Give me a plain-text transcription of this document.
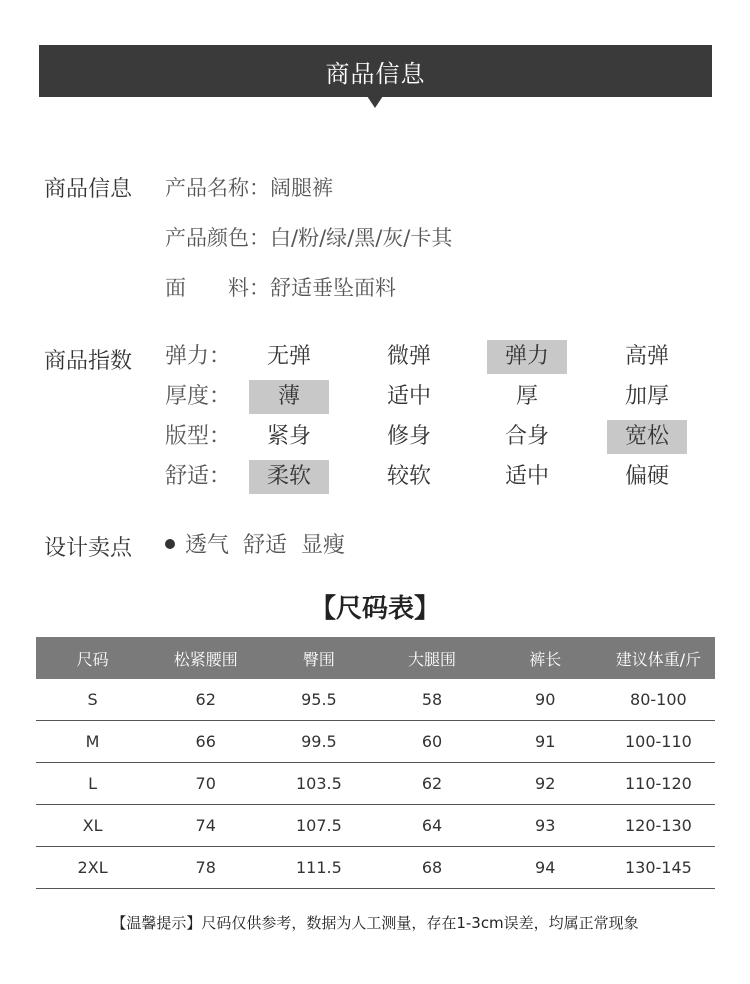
商品信息
商品信息 产品名称：阔腿裤
产品颜色：白/粉/绿/黑/灰/卡其
面　　料：舒适垂坠面料
商品指数 弹力：	无弹	微弹	弹力	高弹
厚度：	薄	适中	厚	加厚
版型：	紧身	修身	合身	宽松
舒适：	柔软	较软	适中	偏硬
设计卖点 透气 舒适 显瘦
【尺码表】
尺码	松紧腰围	臀围	大腿围	裤长	建议体重/斤
S	62	95.5	58	90	80-100
M	66	99.5	60	91	100-110
L	70	103.5	62	92	110-120
XL	74	107.5	64	93	120-130
2XL	78	111.5	68	94	130-145
【温馨提示】尺码仅供参考，数据为人工测量，存在1-3cm误差，均属正常现象
